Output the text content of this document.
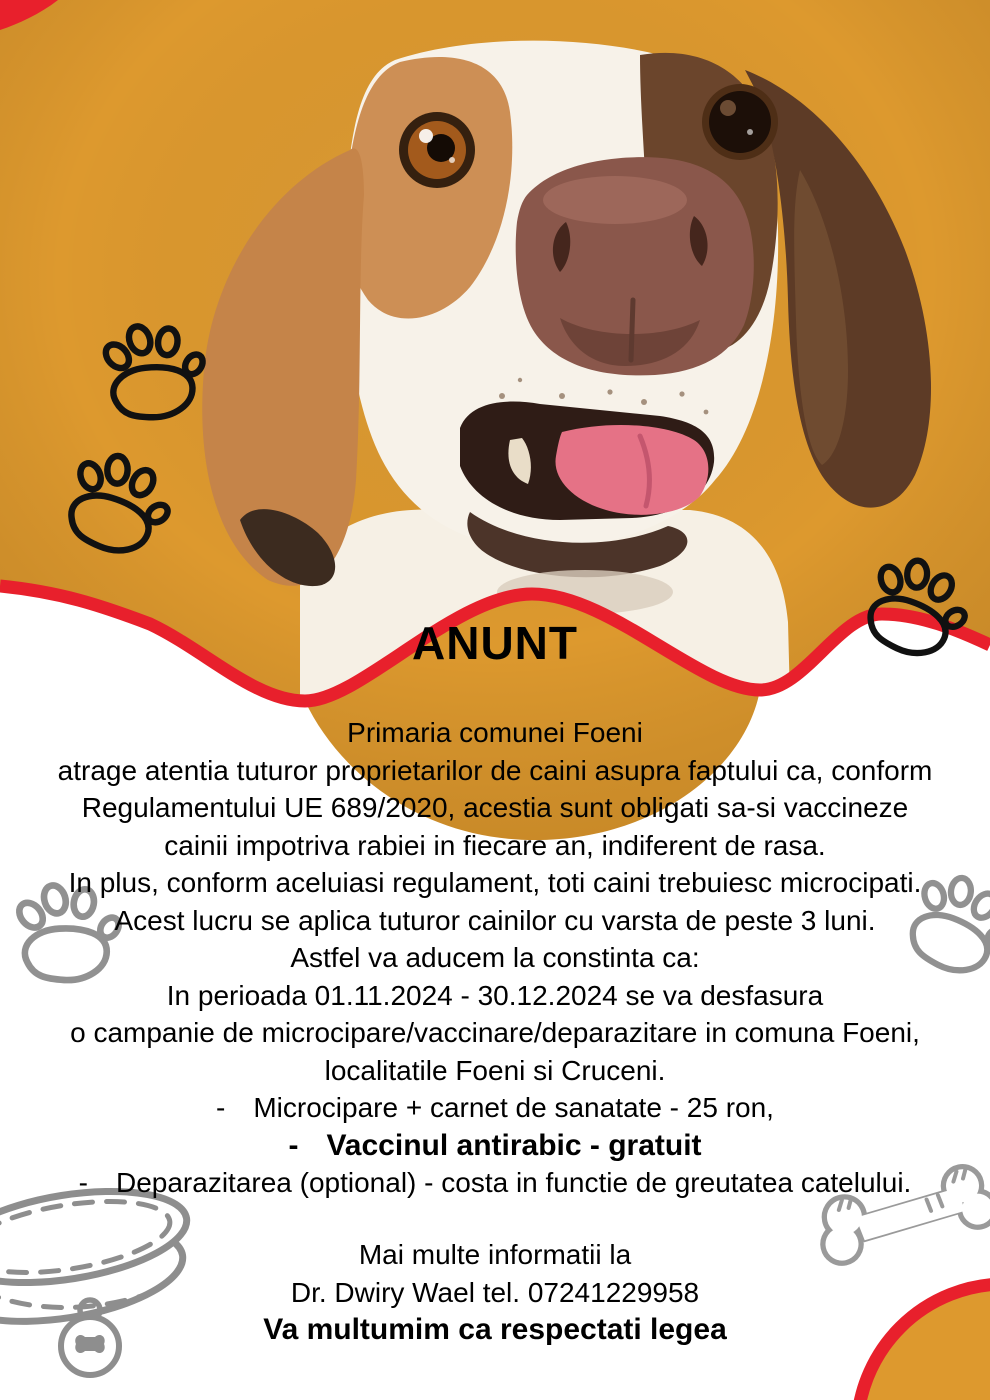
ANUNT
Primaria comunei Foeni
atrage atentia tuturor proprietarilor de caini asupra faptului ca, conform
Regulamentului UE 689/2020, acestia sunt obligati sa-si vaccineze
cainii impotriva rabiei in fiecare an, indiferent de rasa.
In plus, conform aceluiasi regulament, toti caini trebuiesc microcipati.
Acest lucru se aplica tuturor cainilor cu varsta de peste 3 luni.
Astfel va aducem la constinta ca:
In perioada 01.11.2024 - 30.12.2024 se va desfasura
o campanie de microcipare/vaccinare/deparazitare in comuna Foeni,
localitatile Foeni si Cruceni.
- Microcipare + carnet de sanatate - 25 ron,
- Vaccinul antirabic - gratuit
- Deparazitarea (optional) - costa in functie de greutatea catelului.
Mai multe informatii la
Dr. Dwiry Wael tel. 07241229958
Va multumim ca respectati legea
